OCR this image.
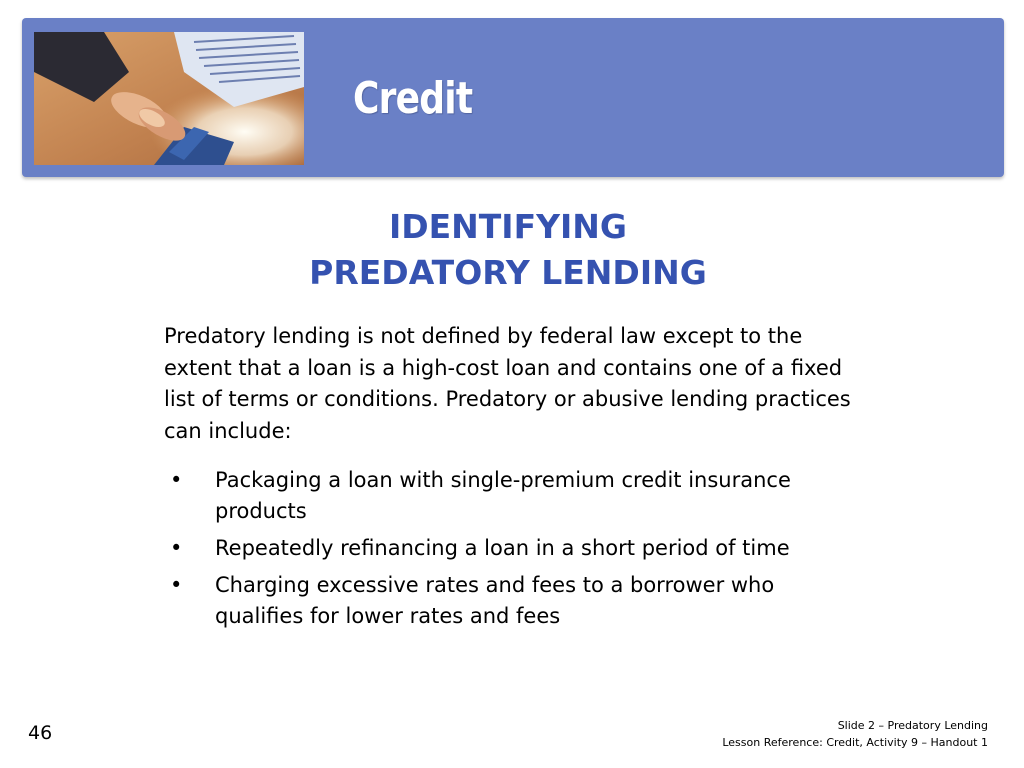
Credit
IDENTIFYING
PREDATORY LENDING
Predatory lending is not defined by federal law except to the extent that a loan is a high-cost loan and contains one of a fixed list of terms or conditions. Predatory or abusive lending practices can include:
• Packaging a loan with single-premium credit insurance products
• Repeatedly refinancing a loan in a short period of time
• Charging excessive rates and fees to a borrower who qualifies for lower rates and fees
46	Slide 2 – Predatory Lending
Lesson Reference: Credit, Activity 9 – Handout 1
